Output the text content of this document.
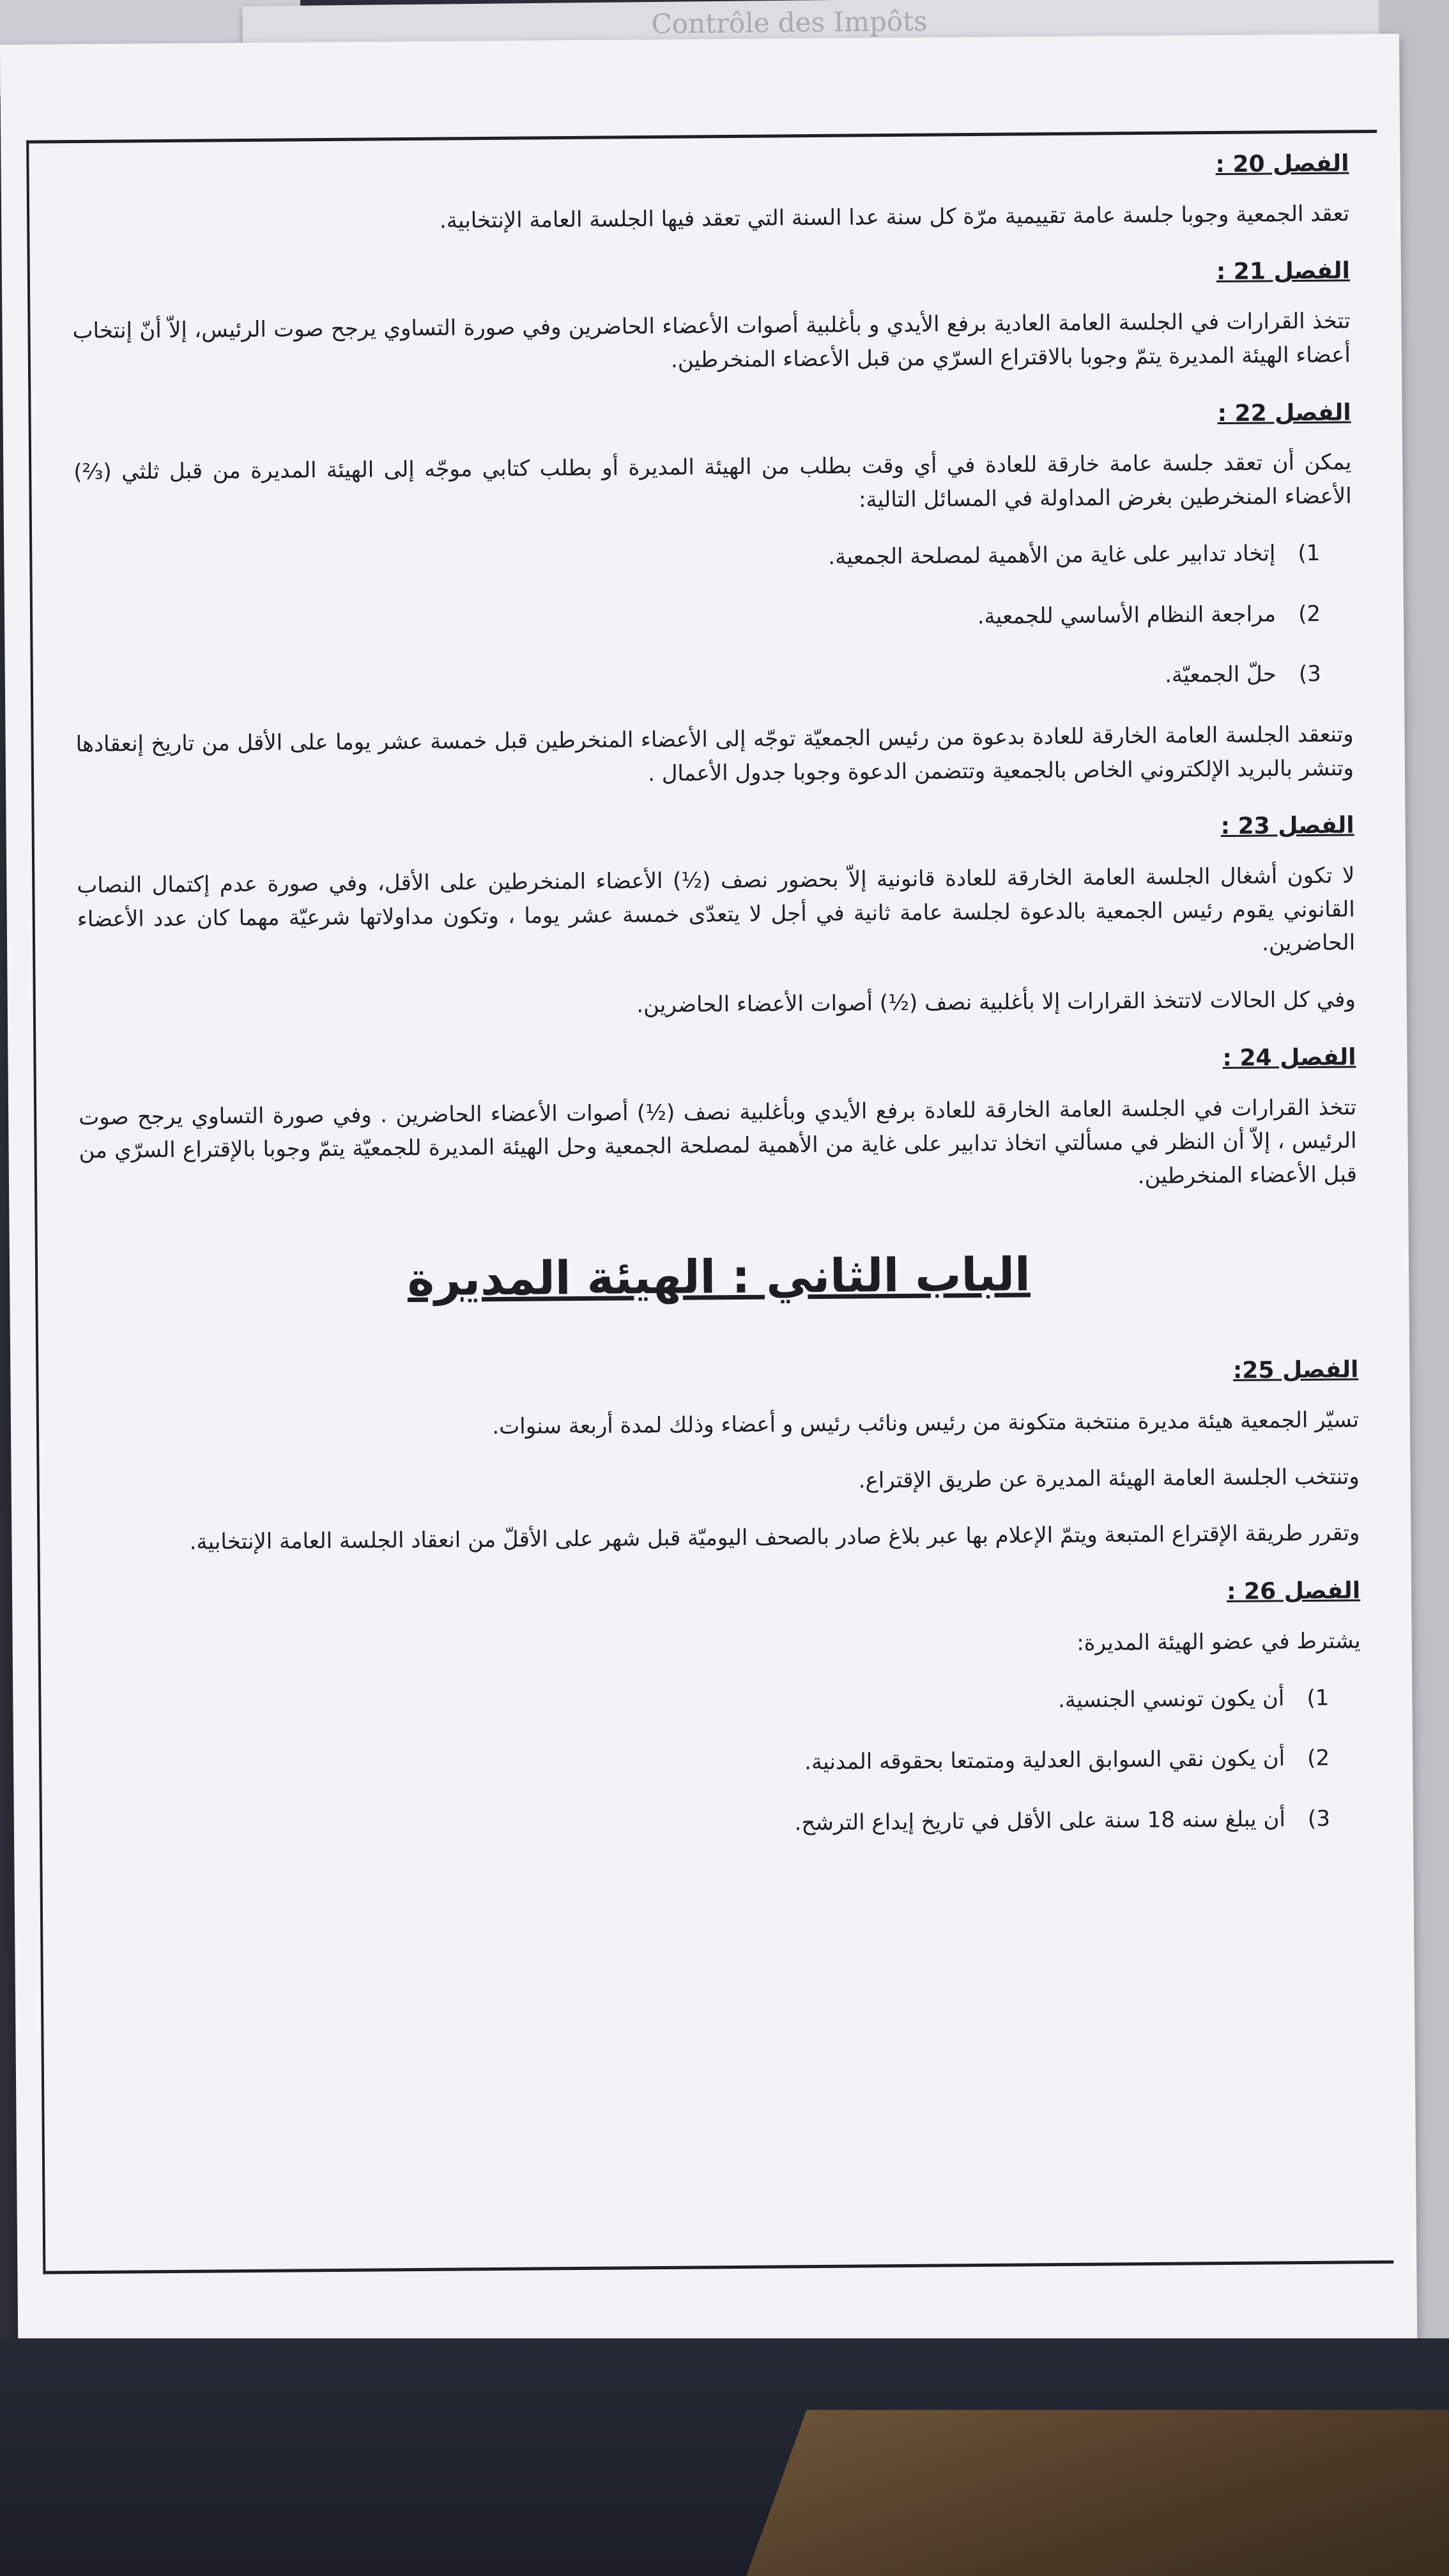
Contrôle des Impôts
الفصل 20 :

تعقد الجمعية وجوبا جلسة عامة تقييمية مرّة كل سنة عدا السنة التي تعقد فيها الجلسة العامة الإنتخابية.

الفصل 21 :

تتخذ القرارات في الجلسة العامة العادية برفع الأيدي و بأغلبية أصوات الأعضاء الحاضرين وفي صورة التساوي يرجح صوت الرئيس، إلاّ أنّ إنتخاب أعضاء الهيئة المديرة يتمّ وجوبا بالاقتراع السرّي من قبل الأعضاء المنخرطين.

الفصل 22 :

يمكن أن تعقد جلسة عامة خارقة للعادة في أي وقت بطلب من الهيئة المديرة أو بطلب كتابي موجّه إلى الهيئة المديرة من قبل ثلثي (⅔) الأعضاء المنخرطين بغرض المداولة في المسائل التالية:

1)إتخاد تدابير على غاية من الأهمية لمصلحة الجمعية.
2)مراجعة النظام الأساسي للجمعية.
3)حلّ الجمعيّة.

وتنعقد الجلسة العامة الخارقة للعادة بدعوة من رئيس الجمعيّة توجّه إلى الأعضاء المنخرطين قبل خمسة عشر يوما على الأقل من تاريخ إنعقادها وتنشر بالبريد الإلكتروني الخاص بالجمعية وتتضمن الدعوة وجوبا جدول الأعمال .

الفصل 23 :

لا تكون أشغال الجلسة العامة الخارقة للعادة قانونية إلاّ بحضور نصف (½) الأعضاء المنخرطين على الأقل، وفي صورة عدم إكتمال النصاب القانوني يقوم رئيس الجمعية بالدعوة لجلسة عامة ثانية في أجل لا يتعدّى خمسة عشر يوما ، وتكون مداولاتها شرعيّة مهما كان عدد الأعضاء الحاضرين.

وفي كل الحالات لاتتخذ القرارات إلا بأغلبية نصف (½) أصوات الأعضاء الحاضرين.

الفصل 24 :

تتخذ القرارات في الجلسة العامة الخارقة للعادة برفع الأيدي وبأغلبية نصف (½) أصوات الأعضاء الحاضرين . وفي صورة التساوي يرجح صوت الرئيس ، إلاّ أن النظر في مسألتي اتخاذ تدابير على غاية من الأهمية لمصلحة الجمعية وحل الهيئة المديرة للجمعيّة يتمّ وجوبا بالإقتراع السرّي من قبل الأعضاء المنخرطين.

الباب الثاني : الهيئة المديرة
الفصل 25:

تسيّر الجمعية هيئة مديرة منتخبة متكونة من رئيس ونائب رئيس و أعضاء وذلك لمدة أربعة سنوات.

وتنتخب الجلسة العامة الهيئة المديرة عن طريق الإقتراع.

وتقرر طريقة الإقتراع المتبعة ويتمّ الإعلام بها عبر بلاغ صادر بالصحف اليوميّة قبل شهر على الأقلّ من انعقاد الجلسة العامة الإنتخابية.

الفصل 26 :

يشترط في عضو الهيئة المديرة:

1)أن يكون تونسي الجنسية.
2)أن يكون نقي السوابق العدلية ومتمتعا بحقوقه المدنية.
3)أن يبلغ سنه 18 سنة على الأقل في تاريخ إيداع الترشح.
